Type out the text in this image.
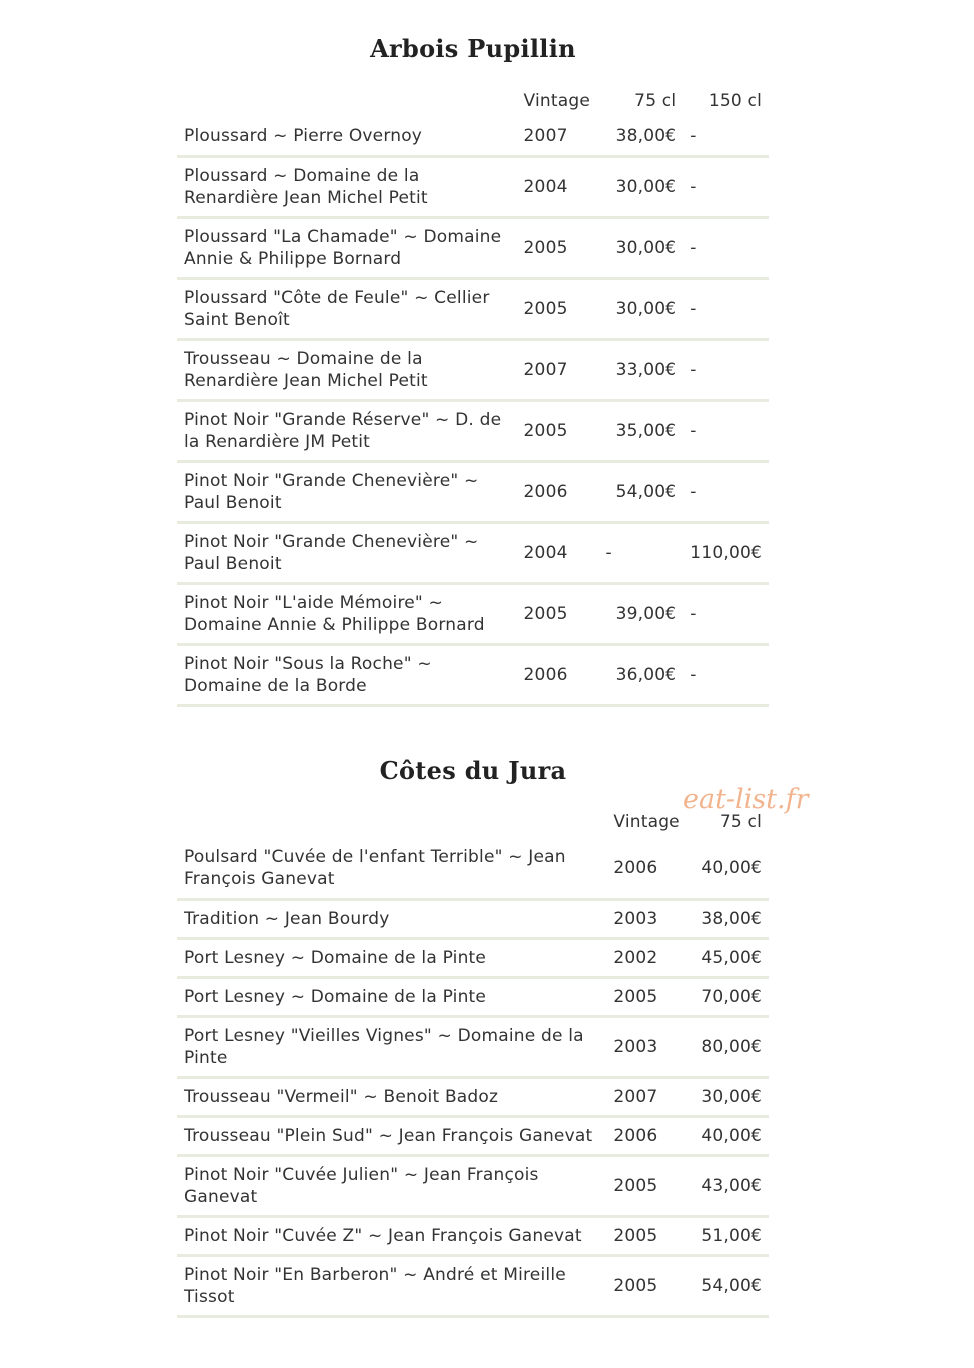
Arbois Pupillin
	Vintage	75 cl	150 cl
Ploussard ~ Pierre Overnoy	2007	38,00€	-
Ploussard ~ Domaine de la Renardière Jean Michel Petit	2004	30,00€	-
Ploussard "La Chamade" ~ Domaine Annie & Philippe Bornard	2005	30,00€	-
Ploussard "Côte de Feule" ~ Cellier Saint Benoît	2005	30,00€	-
Trousseau ~ Domaine de la Renardière Jean Michel Petit	2007	33,00€	-
Pinot Noir "Grande Réserve" ~ D. de la Renardière JM Petit	2005	35,00€	-
Pinot Noir "Grande Chenevière" ~ Paul Benoit	2006	54,00€	-
Pinot Noir "Grande Chenevière" ~ Paul Benoit	2004	-	110,00€
Pinot Noir "L'aide Mémoire" ~ Domaine Annie & Philippe Bornard	2005	39,00€	-
Pinot Noir "Sous la Roche" ~ Domaine de la Borde	2006	36,00€	-
Côtes du Jura
	Vintage	75 cl
Poulsard "Cuvée de l'enfant Terrible" ~ Jean François Ganevat	2006	40,00€
Tradition ~ Jean Bourdy	2003	38,00€
Port Lesney ~ Domaine de la Pinte	2002	45,00€
Port Lesney ~ Domaine de la Pinte	2005	70,00€
Port Lesney "Vieilles Vignes" ~ Domaine de la Pinte	2003	80,00€
Trousseau "Vermeil" ~ Benoit Badoz	2007	30,00€
Trousseau "Plein Sud" ~ Jean François Ganevat	2006	40,00€
Pinot Noir "Cuvée Julien" ~ Jean François Ganevat	2005	43,00€
Pinot Noir "Cuvée Z" ~ Jean François Ganevat	2005	51,00€
Pinot Noir "En Barberon" ~ André et Mireille Tissot	2005	54,00€
eat-list.fr
